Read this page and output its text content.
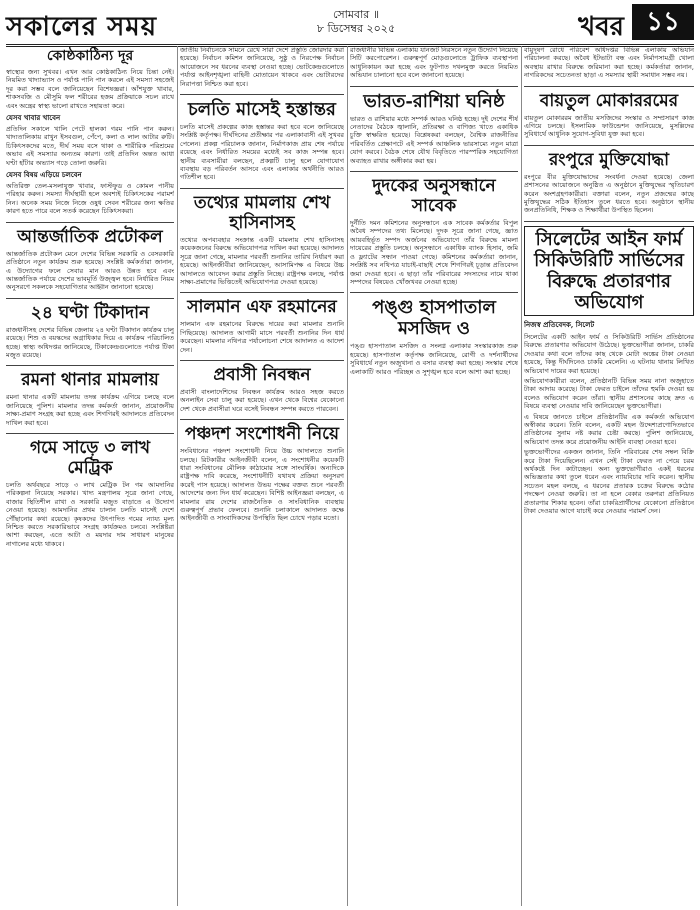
সকালের সময়	সোমবার ॥
৮ ডিসেম্বর ২০২৫	খবর ১১
কোষ্ঠকাঠিন্য দূর

স্বাস্থ্যের জন্য সুখবর। এখন আর কোষ্ঠকাঠিন্য নিয়ে চিন্তা নেই। নিয়মিত খাদ্যাভ্যাস ও পর্যাপ্ত পানি পান করলে এই সমস্যা সহজেই দূর করা সম্ভব বলে জানিয়েছেন বিশেষজ্ঞরা। আঁশযুক্ত খাবার, শাকসবজি ও মৌসুমি ফল শরীরের হজম প্রক্রিয়াকে সচল রাখে এবং অন্ত্রের স্বাস্থ্য ভালো রাখতে সহায়তা করে।

যেসব খাবার খাবেন

প্রতিদিন সকালে খালি পেটে হালকা গরম পানি পান করুন। খাদ্যতালিকায় রাখুন ইসবগুল, পেঁপে, কলা ও লাল আটার রুটি। চিকিৎসকদের মতে, দীর্ঘ সময় বসে থাকা ও শারীরিক পরিশ্রমের অভাব এই সমস্যার অন্যতম কারণ। তাই প্রতিদিন অন্তত আধা ঘণ্টা হাঁটার অভ্যাস গড়ে তোলা জরুরি।

যেসব বিষয় এড়িয়ে চলবেন

অতিরিক্ত তেল-মসলাযুক্ত খাবার, ফাস্টফুড ও কোমল পানীয় পরিহার করুন। সমস্যা দীর্ঘস্থায়ী হলে অবশ্যই চিকিৎসকের পরামর্শ নিন। অনেক সময় নিজে নিজে ওষুধ সেবন শরীরের জন্য ক্ষতির কারণ হতে পারে বলে সতর্ক করেছেন চিকিৎসকরা।

আন্তর্জাতিক প্রটোকল

আন্তর্জাতিক প্রটোকল মেনে দেশের বিভিন্ন সরকারি ও বেসরকারি প্রতিষ্ঠানে নতুন কার্যক্রম শুরু হয়েছে। সংশ্লিষ্ট কর্মকর্তারা জানান, এ উদ্যোগের ফলে সেবার মান আরও উন্নত হবে এবং আন্তর্জাতিক পর্যায়ে দেশের ভাবমূর্তি উজ্জ্বল হবে। নির্ধারিত নিয়ম অনুসরণে সকলকে সহযোগিতার আহ্বান জানানো হয়েছে।

২৪ ঘণ্টা টিকাদান

রাজধানীসহ দেশের বিভিন্ন জেলায় ২৪ ঘণ্টা টিকাদান কার্যক্রম চালু রয়েছে। শিশু ও বয়স্কদের অগ্রাধিকার দিয়ে এ কার্যক্রম পরিচালিত হচ্ছে। স্বাস্থ্য অধিদপ্তর জানিয়েছে, টিকাকেন্দ্রগুলোতে পর্যাপ্ত টিকা মজুত রয়েছে।

রমনা থানার মামলায়

রমনা থানার একটি মামলায় তদন্ত কার্যক্রম এগিয়ে চলছে বলে জানিয়েছে পুলিশ। মামলার তদন্ত কর্মকর্তা জানান, প্রয়োজনীয় সাক্ষ্য-প্রমাণ সংগ্রহ করা হচ্ছে এবং শিগগিরই আদালতে প্রতিবেদন দাখিল করা হবে।

গমে সাড়ে ৩ লাখ মেট্রিক

চলতি অর্থবছরে সাড়ে ৩ লাখ মেট্রিক টন গম আমদানির পরিকল্পনা নিয়েছে সরকার। খাদ্য মন্ত্রণালয় সূত্রে জানা গেছে, বাজার স্থিতিশীল রাখা ও সরকারি মজুত বাড়াতে এ উদ্যোগ নেওয়া হয়েছে। আমদানির প্রথম চালান চলতি মাসেই দেশে পৌঁছানোর কথা রয়েছে। কৃষকদের উৎপাদিত গমের ন্যায্য মূল্য নিশ্চিত করতে সরকারিভাবে সংগ্রহ কার্যক্রমও চলবে। সংশ্লিষ্টরা আশা করছেন, এতে আটা ও ময়দার দাম সাধারণ মানুষের নাগালের মধ্যে থাকবে।

জাতীয় নির্বাচনকে সামনে রেখে সারা দেশে প্রস্তুতি জোরদার করা হয়েছে। নির্বাচন কমিশন জানিয়েছে, সুষ্ঠু ও নিরপেক্ষ নির্বাচন আয়োজনে সব ধরনের ব্যবস্থা নেওয়া হচ্ছে। ভোটকেন্দ্রগুলোতে পর্যাপ্ত আইনশৃঙ্খলা বাহিনী মোতায়েন থাকবে এবং ভোটারদের নিরাপত্তা নিশ্চিত করা হবে।

চলতি মাসেই হস্তান্তর

চলতি মাসেই প্রকল্পের কাজ হস্তান্তর করা হবে বলে জানিয়েছে সংশ্লিষ্ট কর্তৃপক্ষ। দীর্ঘদিনের প্রতীক্ষার পর এলাকাবাসী এই সুখবর পেলেন। প্রকল্প পরিচালক জানান, নির্মাণকাজ প্রায় শেষ পর্যায়ে রয়েছে এবং নির্ধারিত সময়ের মধ্যেই সব কাজ সম্পন্ন হবে। স্থানীয় ব্যবসায়ীরা বলছেন, প্রকল্পটি চালু হলে যোগাযোগ ব্যবস্থায় বড় পরিবর্তন আসবে এবং এলাকার অর্থনীতি আরও গতিশীল হবে।

তথ্যের মামলায় শেখ হাসিনাসহ

তথ্যের অপব্যবহার সংক্রান্ত একটি মামলায় শেখ হাসিনাসহ কয়েকজনের বিরুদ্ধে অভিযোগপত্র দাখিল করা হয়েছে। আদালত সূত্রে জানা গেছে, মামলার পরবর্তী শুনানির তারিখ নির্ধারণ করা হয়েছে। আইনজীবীরা জানিয়েছেন, আসামিপক্ষ এ বিষয়ে উচ্চ আদালতে আবেদন করার প্রস্তুতি নিচ্ছে। রাষ্ট্রপক্ষ বলছে, পর্যাপ্ত সাক্ষ্য-প্রমাণের ভিত্তিতেই অভিযোগপত্র দেওয়া হয়েছে।

সালমান এফ রহমানের

সালমান এফ রহমানের বিরুদ্ধে দায়ের করা মামলার শুনানি পিছিয়েছে। আদালত আগামী মাসে পরবর্তী শুনানির দিন ধার্য করেছেন। মামলার নথিপত্র পর্যালোচনা শেষে আদালত এ আদেশ দেন।

প্রবাসী নিবন্ধন

প্রবাসী বাংলাদেশিদের নিবন্ধন কার্যক্রম আরও সহজ করতে অনলাইন সেবা চালু করা হয়েছে। এখন থেকে বিশ্বের যেকোনো দেশ থেকে প্রবাসীরা ঘরে বসেই নিবন্ধন সম্পন্ন করতে পারবেন।

পঞ্চদশ সংশোধনী নিয়ে

সংবিধানের পঞ্চদশ সংশোধনী নিয়ে উচ্চ আদালতে শুনানি চলছে। রিটকারীর আইনজীবী বলেন, এ সংশোধনীর কয়েকটি ধারা সংবিধানের মৌলিক কাঠামোর সঙ্গে সাংঘর্ষিক। অন্যদিকে রাষ্ট্রপক্ষ দাবি করেছে, সংশোধনীটি যথাযথ প্রক্রিয়া অনুসরণ করেই পাস হয়েছে। আদালত উভয় পক্ষের বক্তব্য শুনে পরবর্তী আদেশের জন্য দিন ধার্য করেছেন। বিশিষ্ট আইনজ্ঞরা বলছেন, এ মামলার রায় দেশের রাজনৈতিক ও সাংবিধানিক ব্যবস্থায় গুরুত্বপূর্ণ প্রভাব ফেলবে। শুনানি চলাকালে আদালত কক্ষে আইনজীবী ও সাংবাদিকদের উপস্থিতি ছিল চোখে পড়ার মতো।

রাজধানীর বিভিন্ন এলাকায় যানজট নিরসনে নতুন উদ্যোগ নিয়েছে সিটি করপোরেশন। গুরুত্বপূর্ণ মোড়গুলোতে ট্রাফিক ব্যবস্থাপনা আধুনিকায়ন করা হচ্ছে এবং ফুটপাত দখলমুক্ত করতে নিয়মিত অভিযান চালানো হবে বলে জানানো হয়েছে।

ভারত-রাশিয়া ঘনিষ্ঠ

ভারত ও রাশিয়ার মধ্যে সম্পর্ক আরও ঘনিষ্ঠ হচ্ছে। দুই দেশের শীর্ষ নেতাদের বৈঠকে জ্বালানি, প্রতিরক্ষা ও বাণিজ্য খাতে একাধিক চুক্তি স্বাক্ষরিত হয়েছে। বিশ্লেষকরা বলছেন, বৈশ্বিক রাজনীতির পরিবর্তিত প্রেক্ষাপটে এই সম্পর্ক আঞ্চলিক ভারসাম্যে নতুন মাত্রা যোগ করবে। বৈঠক শেষে যৌথ বিবৃতিতে পারস্পরিক সহযোগিতা অব্যাহত রাখার অঙ্গীকার করা হয়।

দুদকের অনুসন্ধানে সাবেক

দুর্নীতি দমন কমিশনের অনুসন্ধানে এক সাবেক কর্মকর্তার বিপুল অবৈধ সম্পদের তথ্য মিলেছে। দুদক সূত্রে জানা গেছে, জ্ঞাত আয়বহির্ভূত সম্পদ অর্জনের অভিযোগে তাঁর বিরুদ্ধে মামলা দায়েরের প্রস্তুতি চলছে। অনুসন্ধানে একাধিক ব্যাংক হিসাব, জমি ও ফ্ল্যাটের সন্ধান পাওয়া গেছে। কমিশনের কর্মকর্তারা জানান, সংশ্লিষ্ট সব নথিপত্র যাচাই-বাছাই শেষে শিগগিরই চূড়ান্ত প্রতিবেদন জমা দেওয়া হবে। এ ছাড়া তাঁর পরিবারের সদস্যদের নামে থাকা সম্পদের বিষয়েও খোঁজখবর নেওয়া হচ্ছে।

পঙ্গু হাসপাতাল মসজিদ ও

পঙ্গু হাসপাতাল মসজিদ ও সংলগ্ন এলাকার সংস্কারকাজ শুরু হয়েছে। হাসপাতাল কর্তৃপক্ষ জানিয়েছে, রোগী ও দর্শনার্থীদের সুবিধার্থে নতুন অজুখানা ও বসার ব্যবস্থা করা হচ্ছে। সংস্কার শেষে এলাকাটি আরও পরিচ্ছন্ন ও সুশৃঙ্খল হবে বলে আশা করা হচ্ছে।

বায়ুদূষণ রোধে পরিবেশ অধিদপ্তর বিভিন্ন এলাকায় অভিযান পরিচালনা করছে। অবৈধ ইটভাটা বন্ধ এবং নির্মাণসামগ্রী খোলা অবস্থায় রাখার বিরুদ্ধে জরিমানা করা হচ্ছে। কর্মকর্তারা জানান, নাগরিকদের সচেতনতা ছাড়া এ সমস্যার স্থায়ী সমাধান সম্ভব নয়।

বায়তুল মোকাররমের

বায়তুল মোকাররম জাতীয় মসজিদের সংস্কার ও সম্প্রসারণ কাজ এগিয়ে চলছে। ইসলামিক ফাউন্ডেশন জানিয়েছে, মুসল্লিদের সুবিধার্থে আধুনিক সুযোগ-সুবিধা যুক্ত করা হবে।

রংপুরে মুক্তিযোদ্ধা

রংপুরে বীর মুক্তিযোদ্ধাদের সংবর্ধনা দেওয়া হয়েছে। জেলা প্রশাসনের আয়োজনে অনুষ্ঠিত এ অনুষ্ঠানে মুক্তিযুদ্ধের স্মৃতিচারণ করেন অংশগ্রহণকারীরা। বক্তারা বলেন, নতুন প্রজন্মের কাছে মুক্তিযুদ্ধের সঠিক ইতিহাস তুলে ধরতে হবে। অনুষ্ঠানে স্থানীয় জনপ্রতিনিধি, শিক্ষক ও শিক্ষার্থীরা উপস্থিত ছিলেন।

সিলেটের আইন ফার্ম সিকিউরিটি সার্ভিসের বিরুদ্ধে প্রতারণার অভিযোগ
নিজস্ব প্রতিবেদক, সিলেট

সিলেটের একটি আইন ফার্ম ও সিকিউরিটি সার্ভিস প্রতিষ্ঠানের বিরুদ্ধে প্রতারণার অভিযোগ উঠেছে। ভুক্তভোগীরা জানান, চাকরি দেওয়ার কথা বলে তাঁদের কাছ থেকে মোটা অঙ্কের টাকা নেওয়া হয়েছে, কিন্তু দীর্ঘদিনেও চাকরি মেলেনি। এ ঘটনায় থানায় লিখিত অভিযোগ দায়ের করা হয়েছে।

অভিযোগকারীরা বলেন, প্রতিষ্ঠানটি বিভিন্ন সময় নানা অজুহাতে টাকা আদায় করেছে। টাকা ফেরত চাইলে তাঁদের হুমকি দেওয়া হয় বলেও অভিযোগ করেন তাঁরা। স্থানীয় প্রশাসনের কাছে দ্রুত এ বিষয়ে ব্যবস্থা নেওয়ার দাবি জানিয়েছেন ভুক্তভোগীরা।

এ বিষয়ে জানতে চাইলে প্রতিষ্ঠানটির এক কর্মকর্তা অভিযোগ অস্বীকার করেন। তিনি বলেন, একটি মহল উদ্দেশ্যপ্রণোদিতভাবে প্রতিষ্ঠানের সুনাম নষ্ট করার চেষ্টা করছে। পুলিশ জানিয়েছে, অভিযোগ তদন্ত করে প্রয়োজনীয় আইনি ব্যবস্থা নেওয়া হবে।

ভুক্তভোগীদের একজন জানান, তিনি পরিবারের শেষ সম্বল বিক্রি করে টাকা দিয়েছিলেন। এখন সেই টাকা ফেরত না পেয়ে চরম অর্থকষ্টে দিন কাটাচ্ছেন। অন্য ভুক্তভোগীরাও একই ধরনের অভিজ্ঞতার কথা তুলে ধরেন এবং ন্যায়বিচার দাবি করেন। স্থানীয় সচেতন মহল বলছে, এ ধরনের প্রতারক চক্রের বিরুদ্ধে কঠোর পদক্ষেপ নেওয়া জরুরি। তা না হলে বেকার তরুণরা প্রতিনিয়ত প্রতারণার শিকার হবেন। তাঁরা চাকরিপ্রার্থীদের যেকোনো প্রতিষ্ঠানে টাকা দেওয়ার আগে যাচাই করে নেওয়ার পরামর্শ দেন।
